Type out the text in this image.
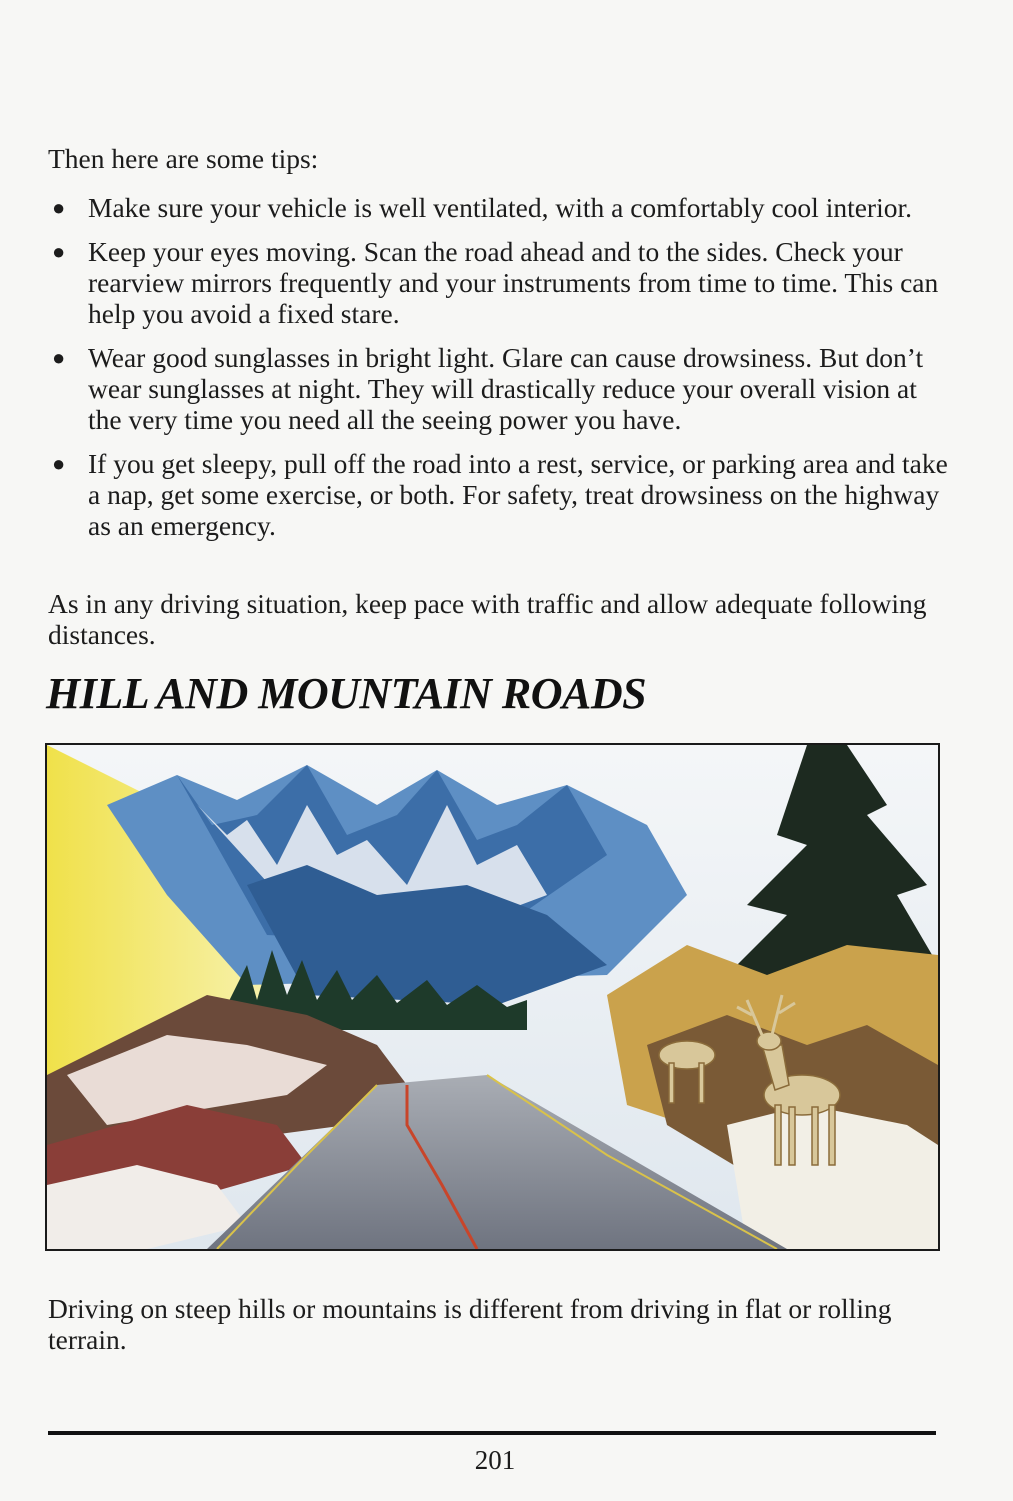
Then here are some tips:
● Make sure your vehicle is well ventilated, with a comfortably cool interior.
● Keep your eyes moving. Scan the road ahead and to the sides. Check your rearview mirrors frequently and your instruments from time to time. This can help you avoid a fixed stare.
● Wear good sunglasses in bright light. Glare can cause drowsiness. But don’t wear sunglasses at night. They will drastically reduce your overall vision at the very time you need all the seeing power you have.
● If you get sleepy, pull off the road into a rest, service, or parking area and take a nap, get some exercise, or both. For safety, treat drowsiness on the highway as an emergency.
As in any driving situation, keep pace with traffic and allow adequate following distances.
HILL AND MOUNTAIN ROADS
Driving on steep hills or mountains is different from driving in flat or rolling terrain.
201
